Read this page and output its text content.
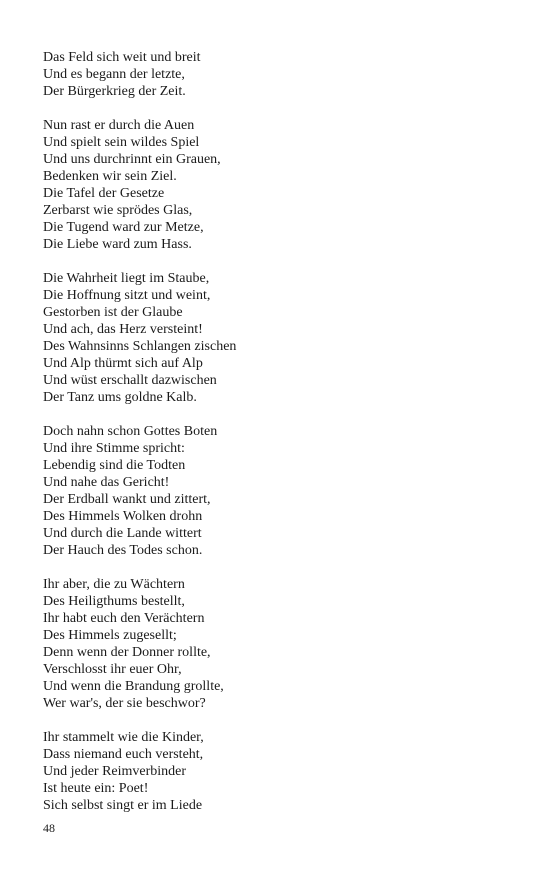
Das Feld sich weit und breit
Und es begann der letzte,
Der Bürgerkrieg der Zeit.
Nun rast er durch die Auen
Und spielt sein wildes Spiel
Und uns durchrinnt ein Grauen,
Bedenken wir sein Ziel.
Die Tafel der Gesetze
Zerbarst wie sprödes Glas,
Die Tugend ward zur Metze,
Die Liebe ward zum Hass.
Die Wahrheit liegt im Staube,
Die Hoffnung sitzt und weint,
Gestorben ist der Glaube
Und ach, das Herz versteint!
Des Wahnsinns Schlangen zischen
Und Alp thürmt sich auf Alp
Und wüst erschallt dazwischen
Der Tanz ums goldne Kalb.
Doch nahn schon Gottes Boten
Und ihre Stimme spricht:
Lebendig sind die Todten
Und nahe das Gericht!
Der Erdball wankt und zittert,
Des Himmels Wolken drohn
Und durch die Lande wittert
Der Hauch des Todes schon.
Ihr aber, die zu Wächtern
Des Heiligthums bestellt,
Ihr habt euch den Verächtern
Des Himmels zugesellt;
Denn wenn der Donner rollte,
Verschlosst ihr euer Ohr,
Und wenn die Brandung grollte,
Wer war's, der sie beschwor?
Ihr stammelt wie die Kinder,
Dass niemand euch versteht,
Und jeder Reimverbinder
Ist heute ein: Poet!
Sich selbst singt er im Liede
48
